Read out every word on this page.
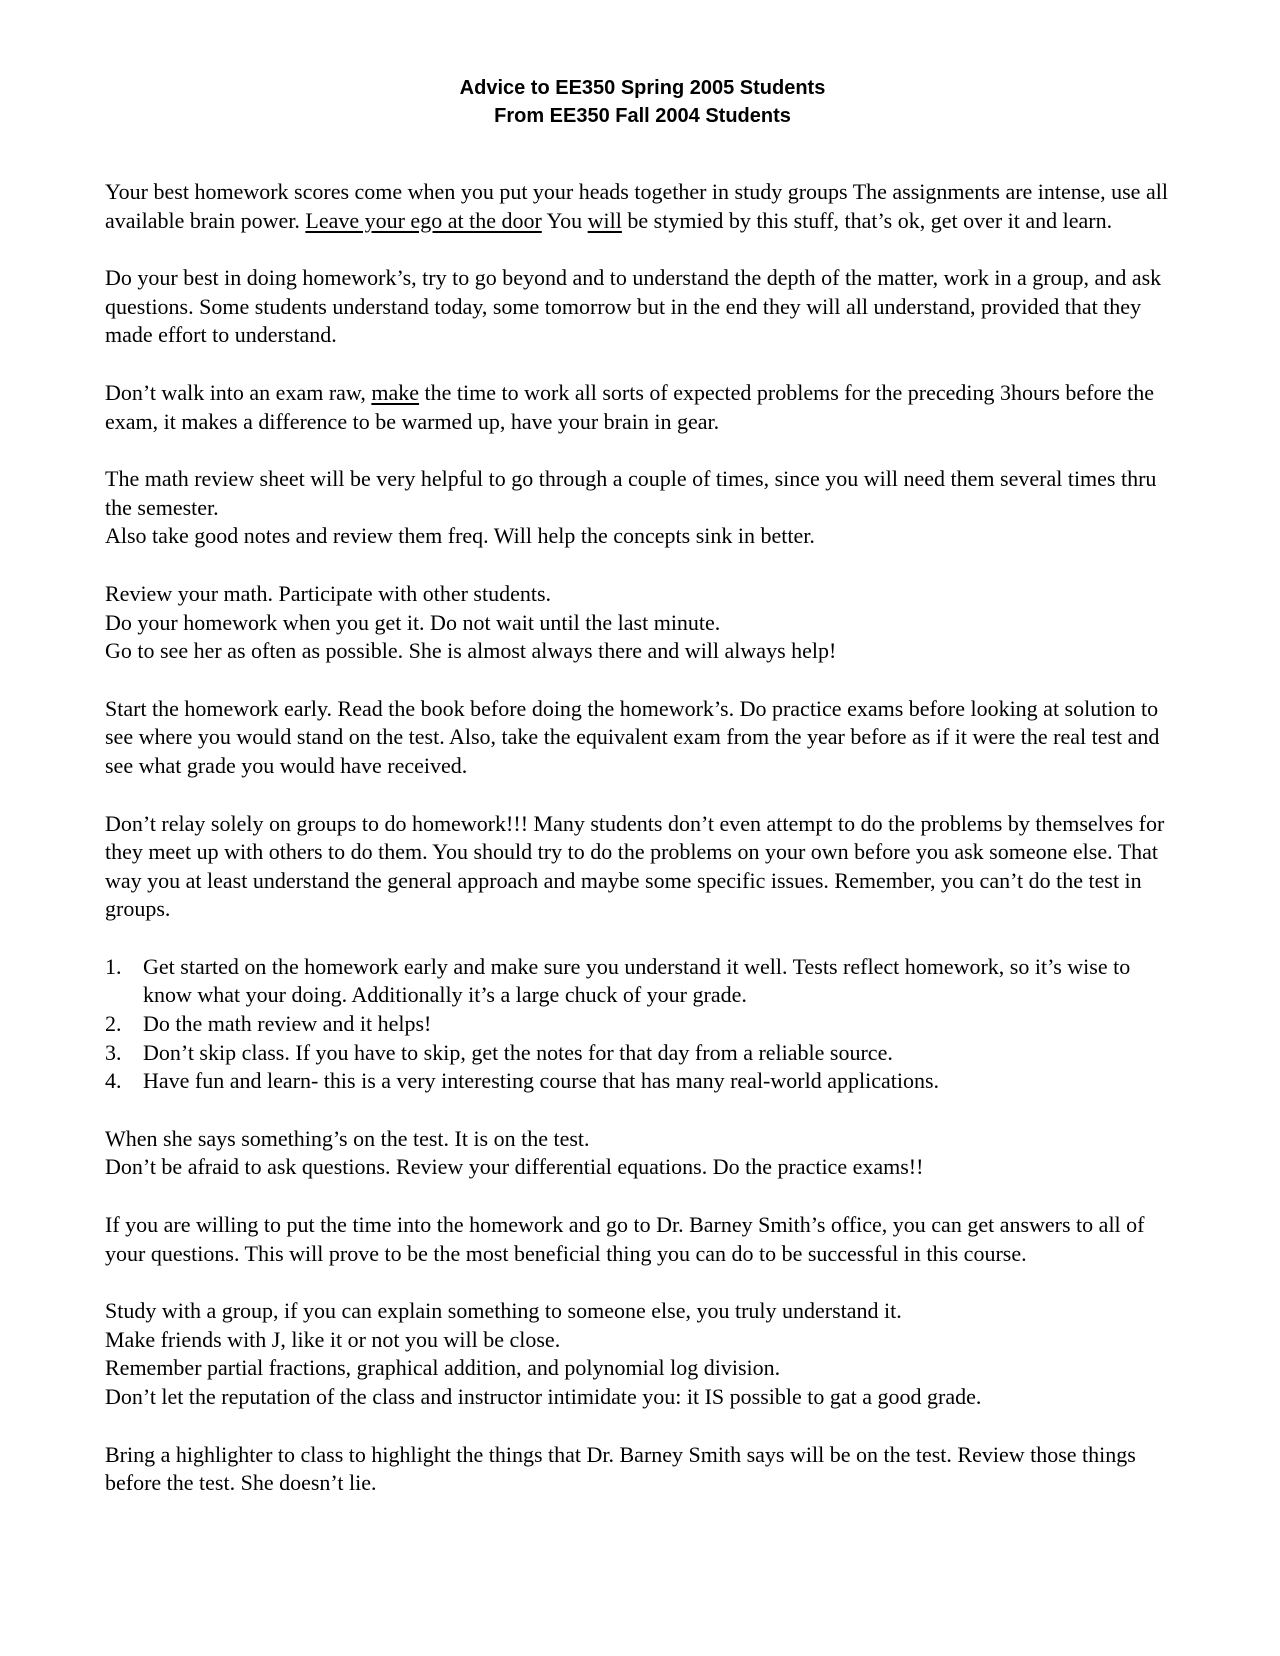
Advice to EE350 Spring 2005 Students
From EE350 Fall 2004 Students

Your best homework scores come when you put your heads together in study groups The assignments are intense, use all available brain power. Leave your ego at the door You will be stymied by this stuff, that’s ok, get over it and learn.

Do your best in doing homework’s, try to go beyond and to understand the depth of the matter, work in a group, and ask questions. Some students understand today, some tomorrow but in the end they will all understand, provided that they made effort to understand.

Don’t walk into an exam raw, make the time to work all sorts of expected problems for the preceding 3hours before the exam, it makes a difference to be warmed up, have your brain in gear.

The math review sheet will be very helpful to go through a couple of times, since you will need them several times thru the semester.
Also take good notes and review them freq. Will help the concepts sink in better.

Review your math. Participate with other students.
Do your homework when you get it. Do not wait until the last minute.
Go to see her as often as possible. She is almost always there and will always help!

Start the homework early. Read the book before doing the homework’s. Do practice exams before looking at solution to see where you would stand on the test. Also, take the equivalent exam from the year before as if it were the real test and see what grade you would have received.

Don’t relay solely on groups to do homework!!! Many students don’t even attempt to do the problems by themselves for they meet up with others to do them. You should try to do the problems on your own before you ask someone else. That way you at least understand the general approach and maybe some specific issues. Remember, you can’t do the test in groups.

1. Get started on the homework early and make sure you understand it well. Tests reflect homework, so it’s wise to know what your doing. Additionally it’s a large chuck of your grade.
2. Do the math review and it helps!
3. Don’t skip class. If you have to skip, get the notes for that day from a reliable source.
4. Have fun and learn- this is a very interesting course that has many real-world applications.

When she says something’s on the test. It is on the test.
Don’t be afraid to ask questions. Review your differential equations. Do the practice exams!!

If you are willing to put the time into the homework and go to Dr. Barney Smith’s office, you can get answers to all of your questions. This will prove to be the most beneficial thing you can do to be successful in this course.

Study with a group, if you can explain something to someone else, you truly understand it.
Make friends with J, like it or not you will be close.
Remember partial fractions, graphical addition, and polynomial log division.
Don’t let the reputation of the class and instructor intimidate you: it IS possible to gat a good grade.

Bring a highlighter to class to highlight the things that Dr. Barney Smith says will be on the test. Review those things before the test. She doesn’t lie.
